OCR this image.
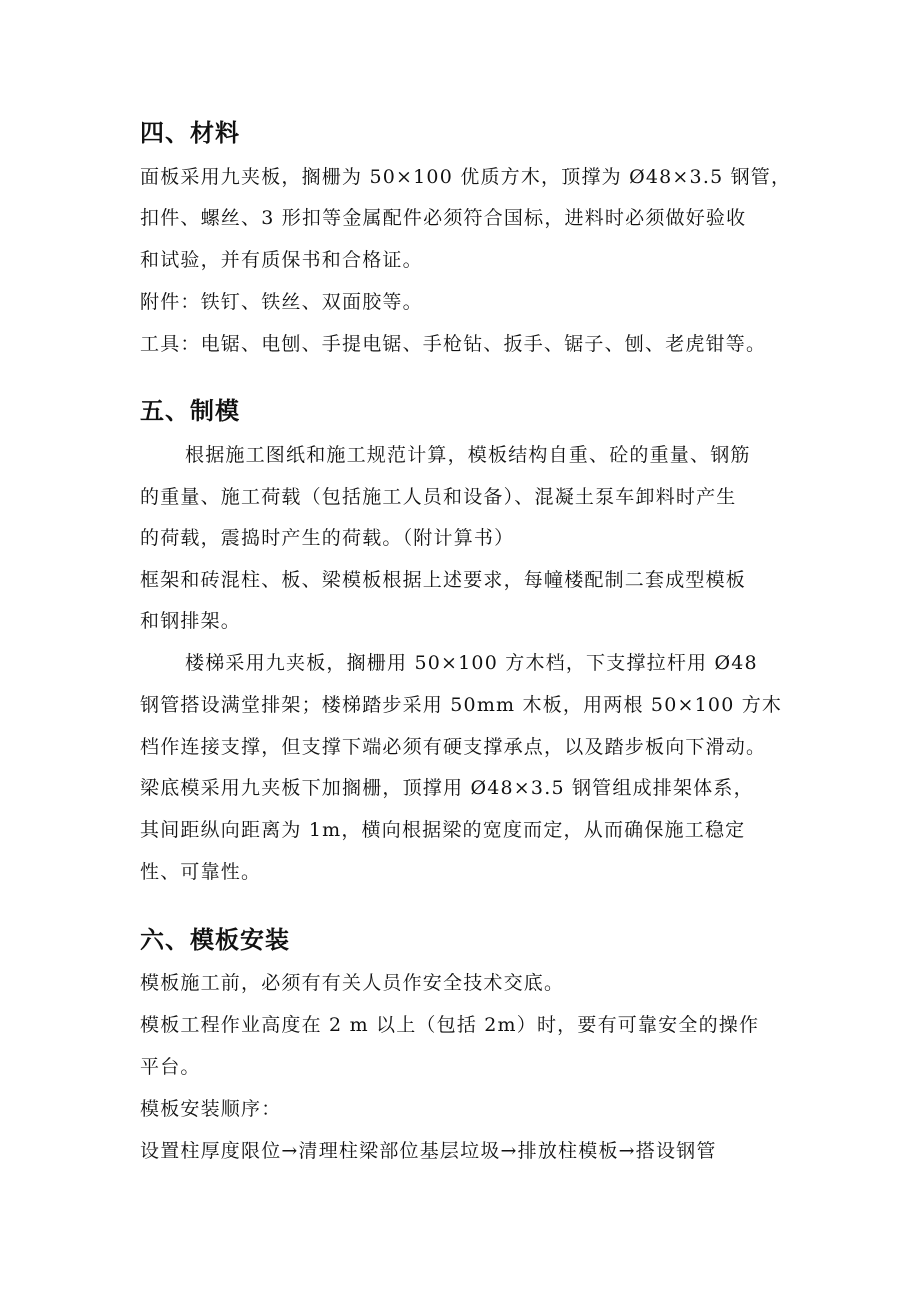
四、材料

面板采用九夹板，搁栅为 50×100 优质方木，顶撑为 Ø48×3.5 钢管，

扣件、螺丝、3 形扣等金属配件必须符合国标，进料时必须做好验收

和试验，并有质保书和合格证。

附件：铁钉、铁丝、双面胶等。

工具：电锯、电刨、手提电锯、手枪钻、扳手、锯子、刨、老虎钳等。

五、制模

根据施工图纸和施工规范计算，模板结构自重、砼的重量、钢筋

的重量、施工荷载（包括施工人员和设备）、混凝土泵车卸料时产生

的荷载，震捣时产生的荷载。（附计算书）

框架和砖混柱、板、梁模板根据上述要求，每幢楼配制二套成型模板

和钢排架。

楼梯采用九夹板，搁栅用 50×100 方木档，下支撑拉杆用 Ø48

钢管搭设满堂排架；楼梯踏步采用 50mm 木板，用两根 50×100 方木

档作连接支撑，但支撑下端必须有硬支撑承点，以及踏步板向下滑动。

梁底模采用九夹板下加搁栅，顶撑用 Ø48×3.5 钢管组成排架体系，

其间距纵向距离为 1m，横向根据梁的宽度而定，从而确保施工稳定

性、可靠性。

六、模板安装

模板施工前，必须有有关人员作安全技术交底。

模板工程作业高度在 2 m 以上（包括 2m）时，要有可靠安全的操作

平台。

模板安装顺序：

设置柱厚度限位→清理柱梁部位基层垃圾→排放柱模板→搭设钢管
